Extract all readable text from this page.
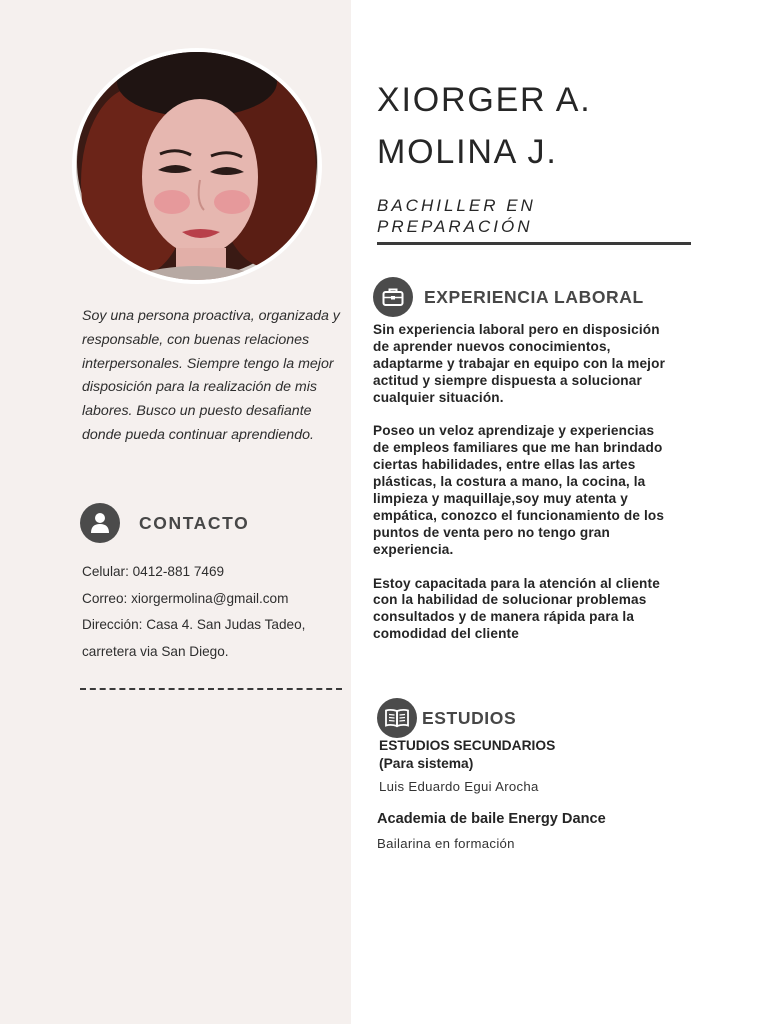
Soy una persona proactiva, organizada y responsable, con buenas relaciones interpersonales. Siempre tengo la mejor disposición para la realización de mis labores. Busco un puesto desafiante donde pueda continuar aprendiendo.

CONTACTO
Celular: 0412-881 7469
Correo: xiorgermolina@gmail.com
Dirección: Casa 4. San Judas Tadeo, carretera via San Diego.
XIORGER A.
MOLINA J.
BACHILLER EN
PREPARACIÓN
EXPERIENCIA LABORAL

Sin experiencia laboral pero en disposición de aprender nuevos conocimientos, adaptarme y trabajar en equipo con la mejor actitud y siempre dispuesta a solucionar cualquier situación.

Poseo un veloz aprendizaje y experiencias de empleos familiares que me han brindado ciertas habilidades, entre ellas las artes plásticas, la costura a mano, la cocina, la limpieza y maquillaje,soy muy atenta y empática, conozco el funcionamiento de los puntos de venta pero no tengo gran experiencia.

Estoy capacitada para la atención al cliente con la habilidad de solucionar problemas consultados y de manera rápida para la comodidad del cliente

ESTUDIOS
ESTUDIOS SECUNDARIOS
(Para sistema)
Luis Eduardo Egui Arocha
Academia de baile Energy Dance
Bailarina en formación
